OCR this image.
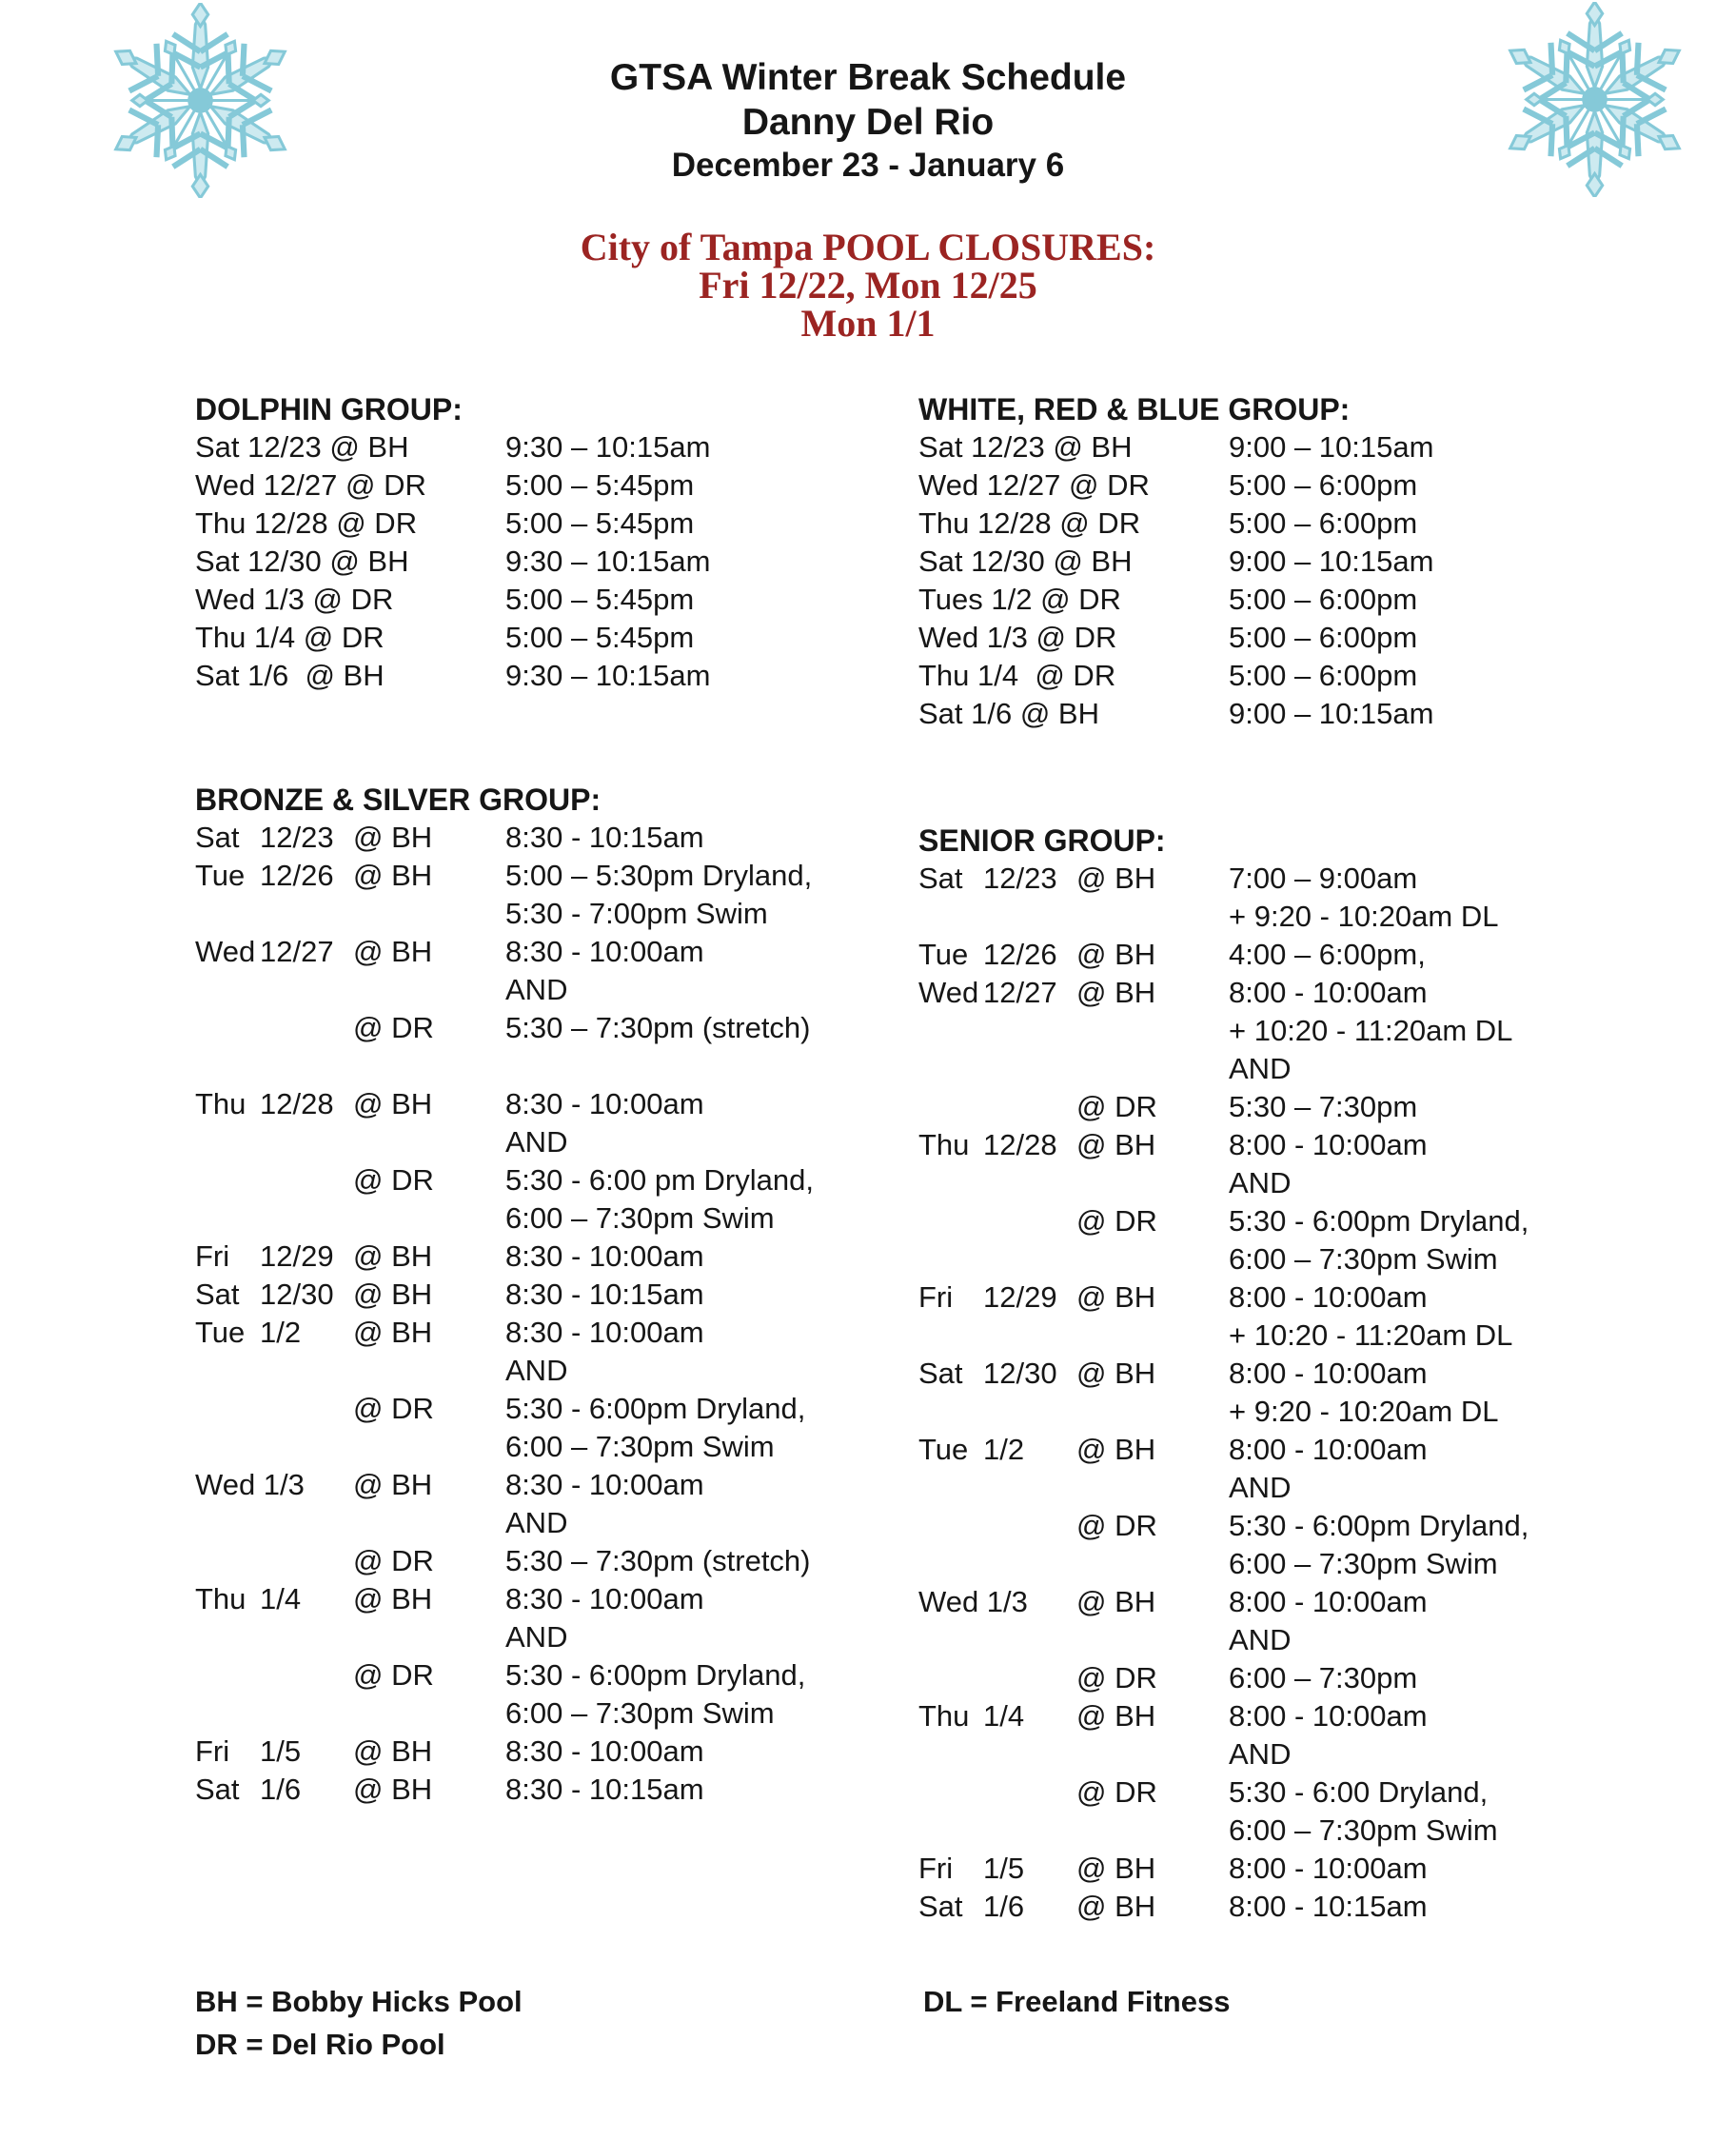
GTSA Winter Break Schedule
Danny Del Rio
December 23 - January 6
City of Tampa POOL CLOSURES:
Fri 12/22, Mon 12/25
Mon 1/1
DOLPHIN GROUP:
Sat 12/23 @ BH	9:30 – 10:15am
Wed 12/27 @ DR	5:00 – 5:45pm
Thu 12/28 @ DR	5:00 – 5:45pm
Sat 12/30 @ BH	9:30 – 10:15am
Wed 1/3 @ DR	5:00 – 5:45pm
Thu 1/4 @ DR	5:00 – 5:45pm
Sat 1/6  @ BH	9:30 – 10:15am
WHITE, RED & BLUE GROUP:
Sat 12/23 @ BH	9:00 – 10:15am
Wed 12/27 @ DR	5:00 – 6:00pm
Thu 12/28 @ DR	5:00 – 6:00pm
Sat 12/30 @ BH	9:00 – 10:15am
Tues 1/2 @ DR	5:00 – 6:00pm
Wed 1/3 @ DR	5:00 – 6:00pm
Thu 1/4  @ DR	5:00 – 6:00pm
Sat 1/6 @ BH	9:00 – 10:15am
BRONZE & SILVER GROUP:
Sat 12/23 @ BH 8:30 - 10:15am
Tue 12/26 @ BH 5:00 – 5:30pm Dryland,
5:30 - 7:00pm Swim
Wed 12/27 @ BH 8:30 - 10:00am
AND
@ DR 5:30 – 7:30pm (stretch)
Thu 12/28 @ BH 8:30 - 10:00am
AND
@ DR 5:30 - 6:00 pm Dryland,
6:00 – 7:30pm Swim
Fri 12/29 @ BH 8:30 - 10:00am
Sat 12/30 @ BH 8:30 - 10:15am
Tue 1/2 @ BH 8:30 - 10:00am
AND
@ DR 5:30 - 6:00pm Dryland,
6:00 – 7:30pm Swim
Wed 1/3 @ BH 8:30 - 10:00am
AND
@ DR 5:30 – 7:30pm (stretch)
Thu 1/4 @ BH 8:30 - 10:00am
AND
@ DR 5:30 - 6:00pm Dryland,
6:00 – 7:30pm Swim
Fri 1/5 @ BH 8:30 - 10:00am
Sat 1/6 @ BH 8:30 - 10:15am
SENIOR GROUP:
Sat 12/23 @ BH 7:00 – 9:00am
+ 9:20 - 10:20am DL
Tue 12/26 @ BH 4:00 – 6:00pm,
Wed 12/27 @ BH 8:00 - 10:00am
+ 10:20 - 11:20am DL
AND
@ DR 5:30 – 7:30pm
Thu 12/28 @ BH 8:00 - 10:00am
AND
@ DR 5:30 - 6:00pm Dryland,
6:00 – 7:30pm Swim
Fri 12/29 @ BH 8:00 - 10:00am
+ 10:20 - 11:20am DL
Sat 12/30 @ BH 8:00 - 10:00am
+ 9:20 - 10:20am DL
Tue 1/2 @ BH 8:00 - 10:00am
AND
@ DR 5:30 - 6:00pm Dryland,
6:00 – 7:30pm Swim
Wed 1/3 @ BH 8:00 - 10:00am
AND
@ DR 6:00 – 7:30pm
Thu 1/4 @ BH 8:00 - 10:00am
AND
@ DR 5:30 - 6:00 Dryland,
6:00 – 7:30pm Swim
Fri 1/5 @ BH 8:00 - 10:00am
Sat 1/6 @ BH 8:00 - 10:15am
BH = Bobby Hicks Pool
DR = Del Rio Pool
DL = Freeland Fitness
